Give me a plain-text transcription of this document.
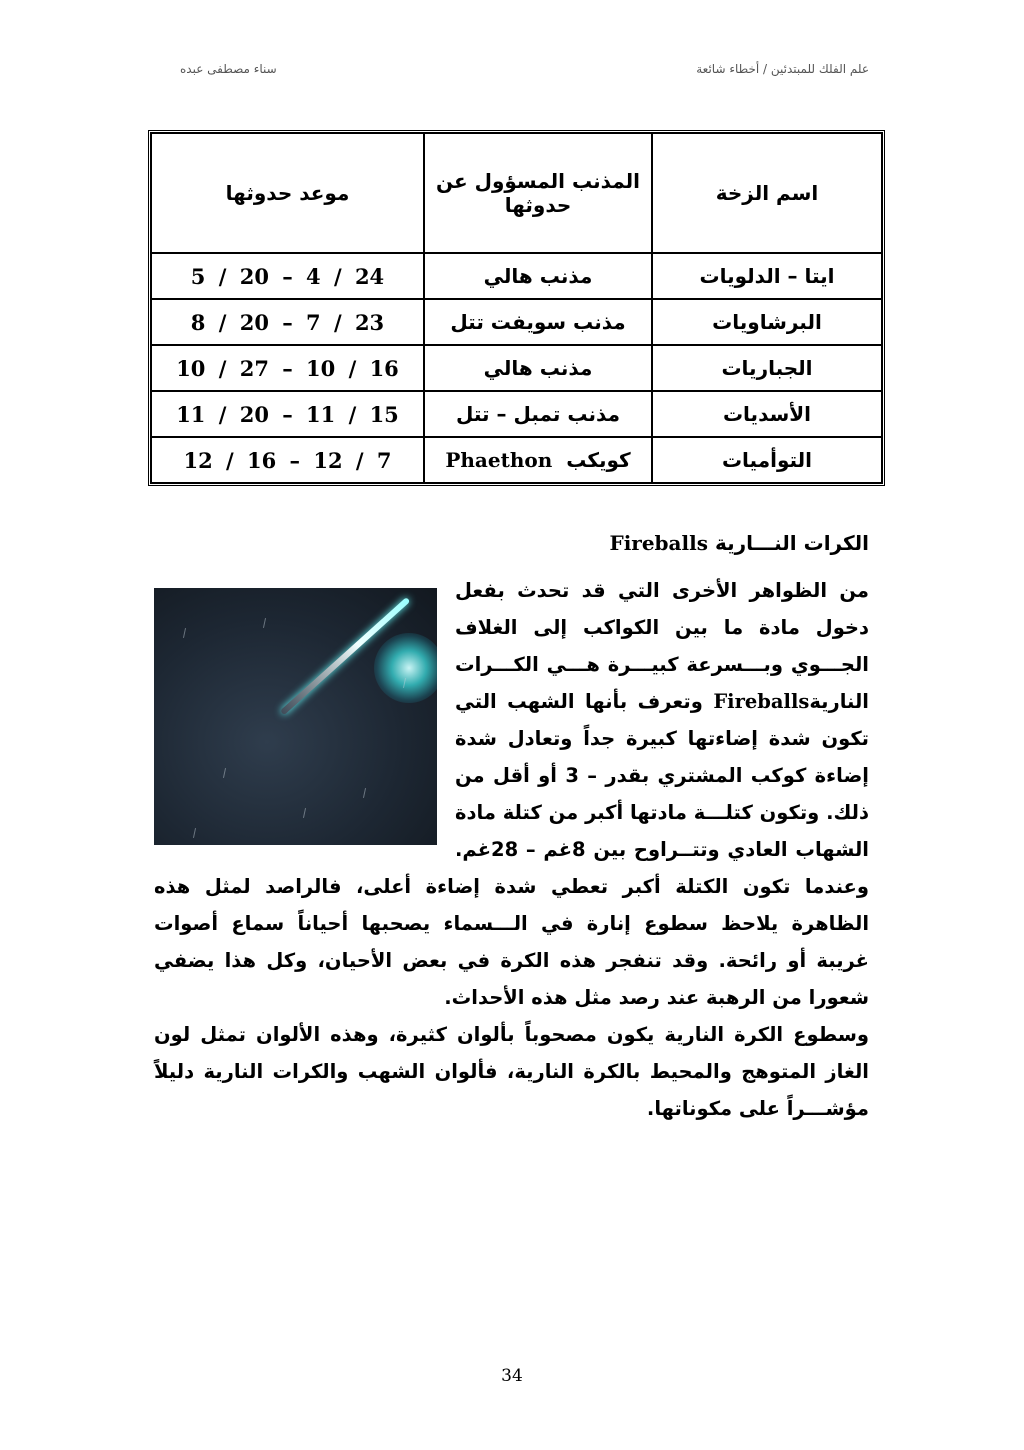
علم الفلك للمبتدئين / أخطاء شائعة
سناء مصطفى عبده
اسم الزخة	المذنب المسؤول عن حدوثها	موعد حدوثها
ايتا – الدلويات	مذنب هالي	5 / 20 – 4 / 24
البرشاويات	مذنب سويفت تتل	8 / 20 – 7 / 23
الجباريات	مذنب هالي	10 / 27 – 10 / 16
الأسديات	مذنب تمبل – تتل	11 / 20 – 11 / 15
التوأميات	كويكب  Phaethon	12 / 16 – 12 / 7
الكرات النـــارية Fireballs

من الظواهر الأخرى التي قد تحدث بفعل دخول مادة ما بين الكواكب إلى الغلاف الجـــوي وبـــسرعة كبيـــرة هـــي الكـــرات الناريةFireballs وتعرف بأنها الشهب التي تكون شدة إضاءتها كبيرة جداً وتعادل شدة إضاءة كوكب المشتري بقدر – 3 أو أقل من ذلك. وتكون كتلـــة مادتها أكبر من كتلة مادة الشهاب العادي وتتــراوح بين 8غم – 28غم. وعندما تكون الكتلة أكبر تعطي شدة إضاءة أعلى، فالراصد لمثل هذه الظاهرة يلاحظ سطوع إنارة في الـــسماء يصحبها أحياناً سماع أصوات غريبة أو رائحة. وقد تنفجر هذه الكرة في بعض الأحيان، وكل هذا يضفي شعورا من الرهبة عند رصد مثل هذه الأحداث.

وسطوع الكرة النارية يكون مصحوباً بألوان كثيرة، وهذه الألوان تمثل لون الغاز المتوهج والمحيط بالكرة النارية، فألوان الشهب والكرات النارية دليلاً مؤشـــراً على مكوناتها.

34
